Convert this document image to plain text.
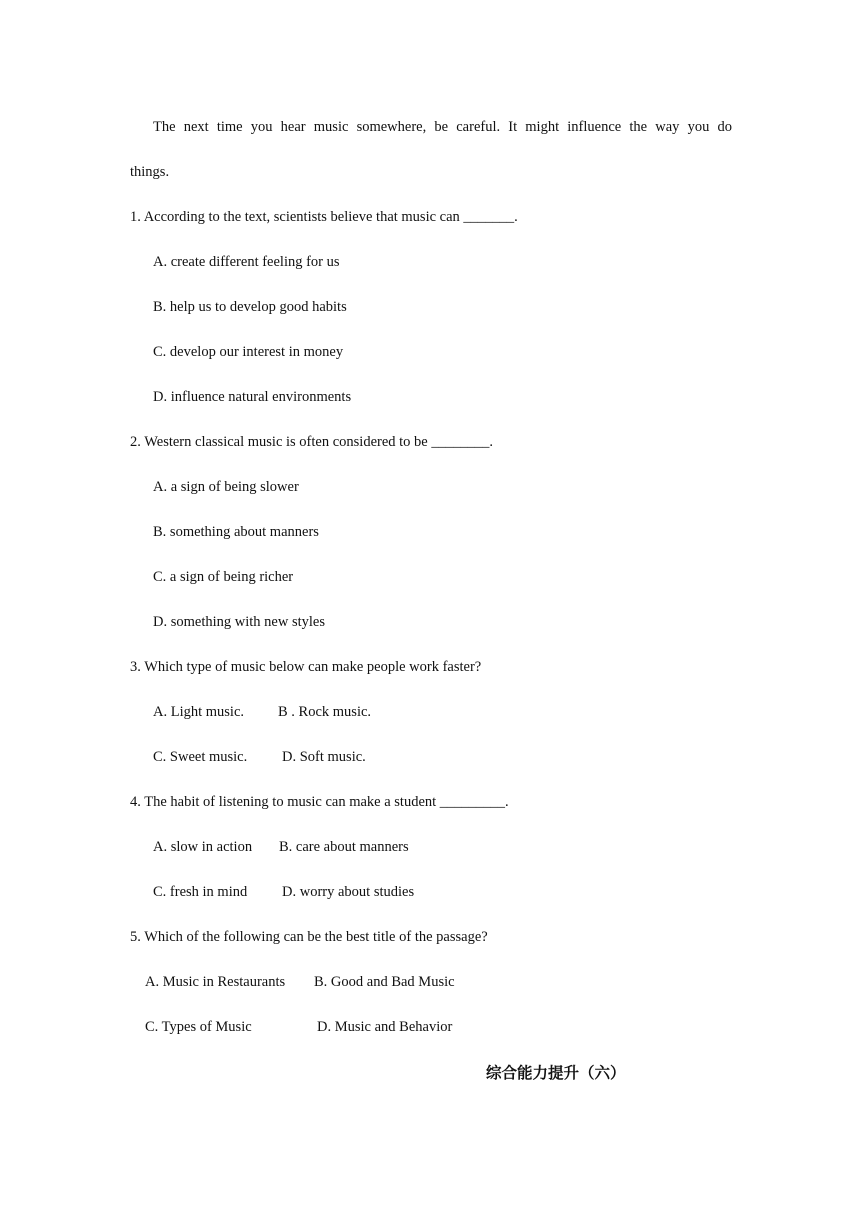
The next time you hear music somewhere, be careful. It might influence the way you do
things.
1. According to the text, scientists believe that music can _______.
A. create different feeling for us
B. help us to develop good habits
C. develop our interest in money
D. influence natural environments
2. Western classical music is often considered to be ________.
A. a sign of being slower
B. something about manners
C. a sign of being richer
D. something with new styles
3. Which type of music below can make people work faster?
A. Light music. B . Rock music.
C. Sweet music. D. Soft music.
4. The habit of listening to music can make a student _________.
A. slow in action B. care about manners
C. fresh in mind D. worry about studies
5. Which of the following can be the best title of the passage?
A. Music in Restaurants B. Good and Bad Music
C. Types of Music	D. Music and Behavior
综合能力提升（六）
